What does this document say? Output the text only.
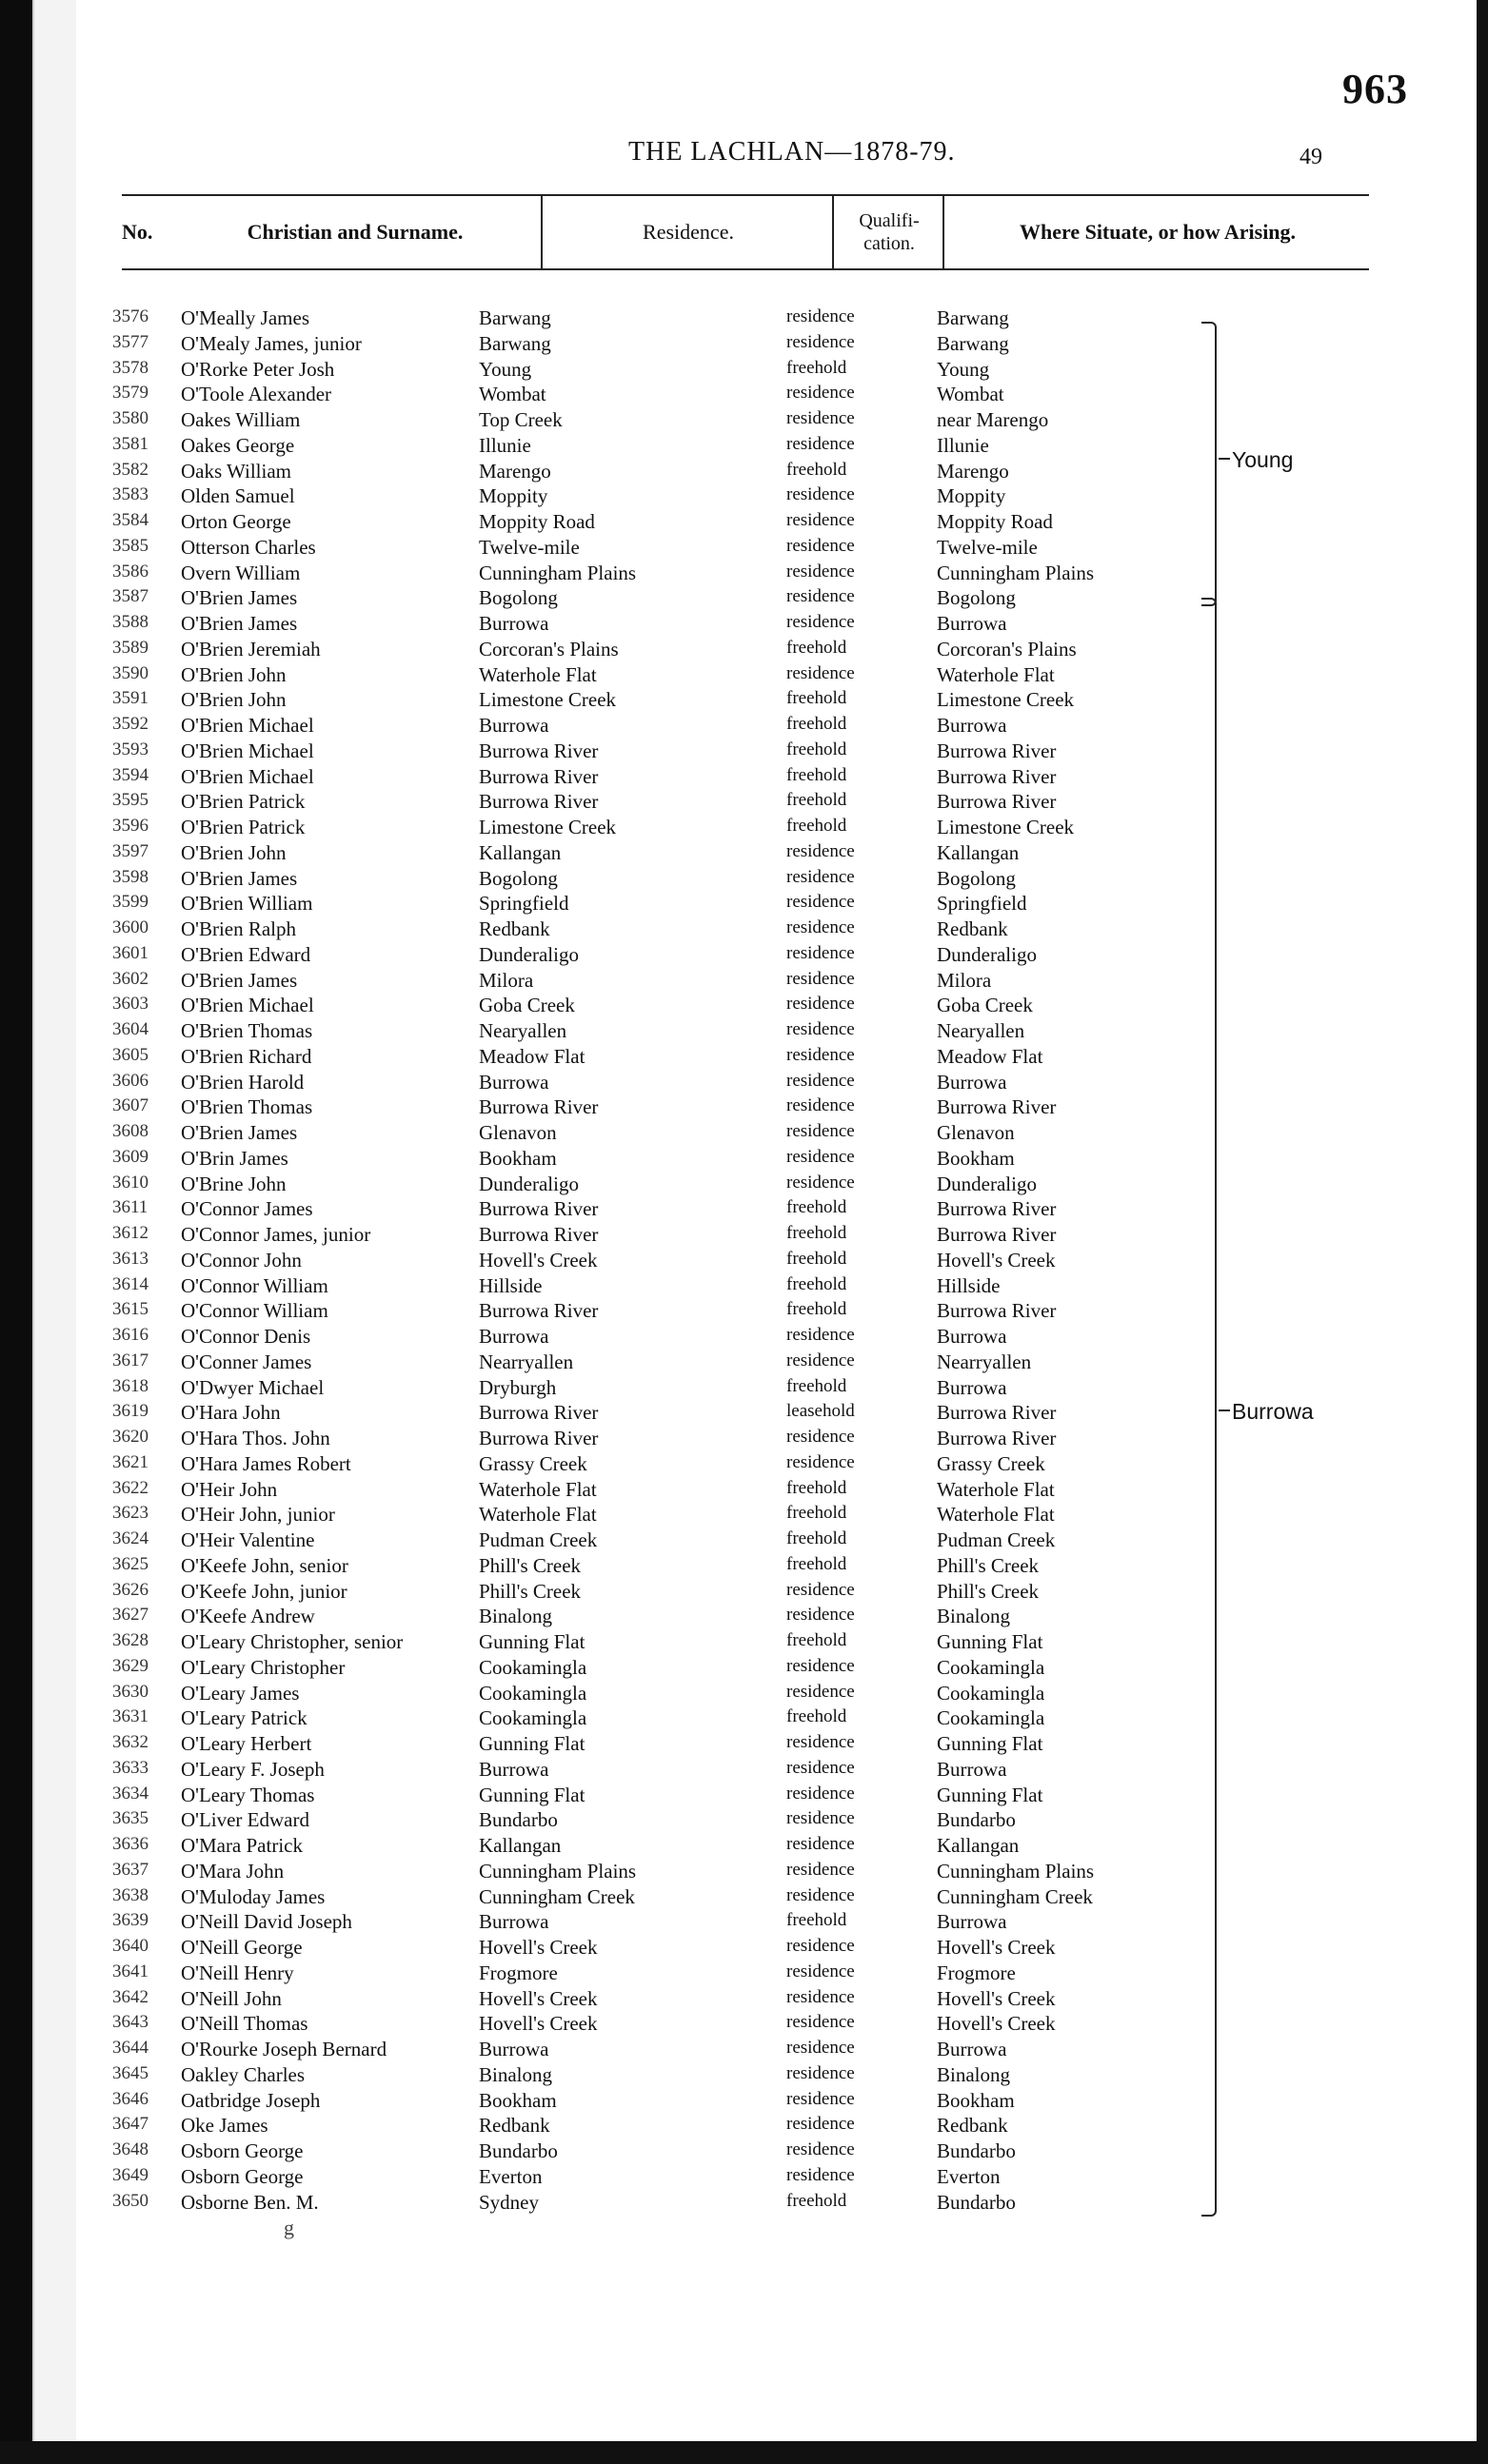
963
THE LACHLAN—1878-79.	49
No.	Christian and Surname.	Residence.	Qualifi-cation.	Where Situate, or how Arising.
3576	O'Meally James	Barwang	residence	Barwang
3577	O'Mealy James, junior	Barwang	residence	Barwang
3578	O'Rorke Peter Josh	Young	freehold	Young
3579	O'Toole Alexander	Wombat	residence	Wombat
3580	Oakes William	Top Creek	residence	near Marengo
3581	Oakes George	Illunie	residence	Illunie
3582	Oaks William	Marengo	freehold	Marengo
3583	Olden Samuel	Moppity	residence	Moppity
3584	Orton George	Moppity Road	residence	Moppity Road
3585	Otterson Charles	Twelve-mile	residence	Twelve-mile
3586	Overn William	Cunningham Plains	residence	Cunningham Plains
3587	O'Brien James	Bogolong	residence	Bogolong
3588	O'Brien James	Burrowa	residence	Burrowa
3589	O'Brien Jeremiah	Corcoran's Plains	freehold	Corcoran's Plains
3590	O'Brien John	Waterhole Flat	residence	Waterhole Flat
3591	O'Brien John	Limestone Creek	freehold	Limestone Creek
3592	O'Brien Michael	Burrowa	freehold	Burrowa
3593	O'Brien Michael	Burrowa River	freehold	Burrowa River
3594	O'Brien Michael	Burrowa River	freehold	Burrowa River
3595	O'Brien Patrick	Burrowa River	freehold	Burrowa River
3596	O'Brien Patrick	Limestone Creek	freehold	Limestone Creek
3597	O'Brien John	Kallangan	residence	Kallangan
3598	O'Brien James	Bogolong	residence	Bogolong
3599	O'Brien William	Springfield	residence	Springfield
3600	O'Brien Ralph	Redbank	residence	Redbank
3601	O'Brien Edward	Dunderaligo	residence	Dunderaligo
3602	O'Brien James	Milora	residence	Milora
3603	O'Brien Michael	Goba Creek	residence	Goba Creek
3604	O'Brien Thomas	Nearyallen	residence	Nearyallen
3605	O'Brien Richard	Meadow Flat	residence	Meadow Flat
3606	O'Brien Harold	Burrowa	residence	Burrowa
3607	O'Brien Thomas	Burrowa River	residence	Burrowa River
3608	O'Brien James	Glenavon	residence	Glenavon
3609	O'Brin James	Bookham	residence	Bookham
3610	O'Brine John	Dunderaligo	residence	Dunderaligo
3611	O'Connor James	Burrowa River	freehold	Burrowa River
3612	O'Connor James, junior	Burrowa River	freehold	Burrowa River
3613	O'Connor John	Hovell's Creek	freehold	Hovell's Creek
3614	O'Connor William	Hillside	freehold	Hillside
3615	O'Connor William	Burrowa River	freehold	Burrowa River
3616	O'Connor Denis	Burrowa	residence	Burrowa
3617	O'Conner James	Nearryallen	residence	Nearryallen
3618	O'Dwyer Michael	Dryburgh	freehold	Burrowa
3619	O'Hara John	Burrowa River	leasehold	Burrowa River
3620	O'Hara Thos. John	Burrowa River	residence	Burrowa River
3621	O'Hara James Robert	Grassy Creek	residence	Grassy Creek
3622	O'Heir John	Waterhole Flat	freehold	Waterhole Flat
3623	O'Heir John, junior	Waterhole Flat	freehold	Waterhole Flat
3624	O'Heir Valentine	Pudman Creek	freehold	Pudman Creek
3625	O'Keefe John, senior	Phill's Creek	freehold	Phill's Creek
3626	O'Keefe John, junior	Phill's Creek	residence	Phill's Creek
3627	O'Keefe Andrew	Binalong	residence	Binalong
3628	O'Leary Christopher, senior	Gunning Flat	freehold	Gunning Flat
3629	O'Leary Christopher	Cookamingla	residence	Cookamingla
3630	O'Leary James	Cookamingla	residence	Cookamingla
3631	O'Leary Patrick	Cookamingla	freehold	Cookamingla
3632	O'Leary Herbert	Gunning Flat	residence	Gunning Flat
3633	O'Leary F. Joseph	Burrowa	residence	Burrowa
3634	O'Leary Thomas	Gunning Flat	residence	Gunning Flat
3635	O'Liver Edward	Bundarbo	residence	Bundarbo
3636	O'Mara Patrick	Kallangan	residence	Kallangan
3637	O'Mara John	Cunningham Plains	residence	Cunningham Plains
3638	O'Muloday James	Cunningham Creek	residence	Cunningham Creek
3639	O'Neill David Joseph	Burrowa	freehold	Burrowa
3640	O'Neill George	Hovell's Creek	residence	Hovell's Creek
3641	O'Neill Henry	Frogmore	residence	Frogmore
3642	O'Neill John	Hovell's Creek	residence	Hovell's Creek
3643	O'Neill Thomas	Hovell's Creek	residence	Hovell's Creek
3644	O'Rourke Joseph Bernard	Burrowa	residence	Burrowa
3645	Oakley Charles	Binalong	residence	Binalong
3646	Oatbridge Joseph	Bookham	residence	Bookham
3647	Oke James	Redbank	residence	Redbank
3648	Osborn George	Bundarbo	residence	Bundarbo
3649	Osborn George	Everton	residence	Everton
3650	Osborne Ben. M.	Sydney	freehold	Bundarbo
Young
Burrowa
g
